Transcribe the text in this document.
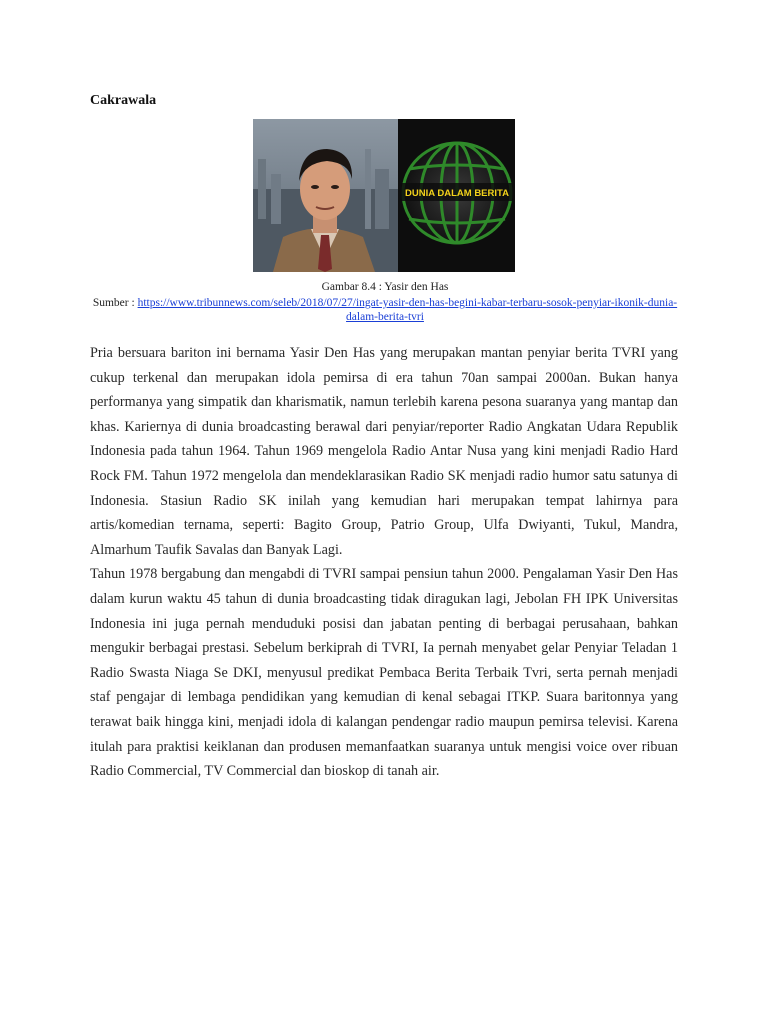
Cakrawala
DUNIA DALAM BERITA
Gambar 8.4 : Yasir den Has
Sumber : https://www.tribunnews.com/seleb/2018/07/27/ingat-yasir-den-has-begini-kabar-terbaru-sosok-penyiar-ikonik-dunia-dalam-berita-tvri

Pria bersuara bariton ini bernama Yasir Den Has yang merupakan mantan penyiar berita TVRI yang cukup terkenal dan merupakan idola pemirsa di era tahun 70an sampai 2000an. Bukan hanya performanya yang simpatik dan kharismatik, namun terlebih karena pesona suaranya yang mantap dan khas. Kariernya di dunia broadcasting berawal dari penyiar/reporter Radio Angkatan Udara Republik Indonesia pada tahun 1964. Tahun 1969 mengelola Radio Antar Nusa yang kini menjadi Radio Hard Rock FM. Tahun 1972 mengelola dan mendeklarasikan Radio SK menjadi radio humor satu satunya di Indonesia. Stasiun Radio SK inilah yang kemudian hari merupakan tempat lahirnya para artis/komedian ternama, seperti: Bagito Group, Patrio Group, Ulfa Dwiyanti, Tukul, Mandra, Almarhum Taufik Savalas dan Banyak Lagi.

Tahun 1978 bergabung dan mengabdi di TVRI sampai pensiun tahun 2000. Pengalaman Yasir Den Has dalam kurun waktu 45 tahun di dunia broadcasting tidak diragukan lagi, Jebolan FH IPK Universitas Indonesia ini juga pernah menduduki posisi dan jabatan penting di berbagai perusahaan, bahkan mengukir berbagai prestasi. Sebelum berkiprah di TVRI, Ia pernah menyabet gelar Penyiar Teladan 1 Radio Swasta Niaga Se DKI, menyusul predikat Pembaca Berita Terbaik Tvri, serta pernah menjadi staf pengajar di lembaga pendidikan yang kemudian di kenal sebagai ITKP. Suara baritonnya yang terawat baik hingga kini, menjadi idola di kalangan pendengar radio maupun pemirsa televisi. Karena itulah para praktisi keiklanan dan produsen memanfaatkan suaranya untuk mengisi voice over ribuan Radio Commercial, TV Commercial dan bioskop di tanah air.
